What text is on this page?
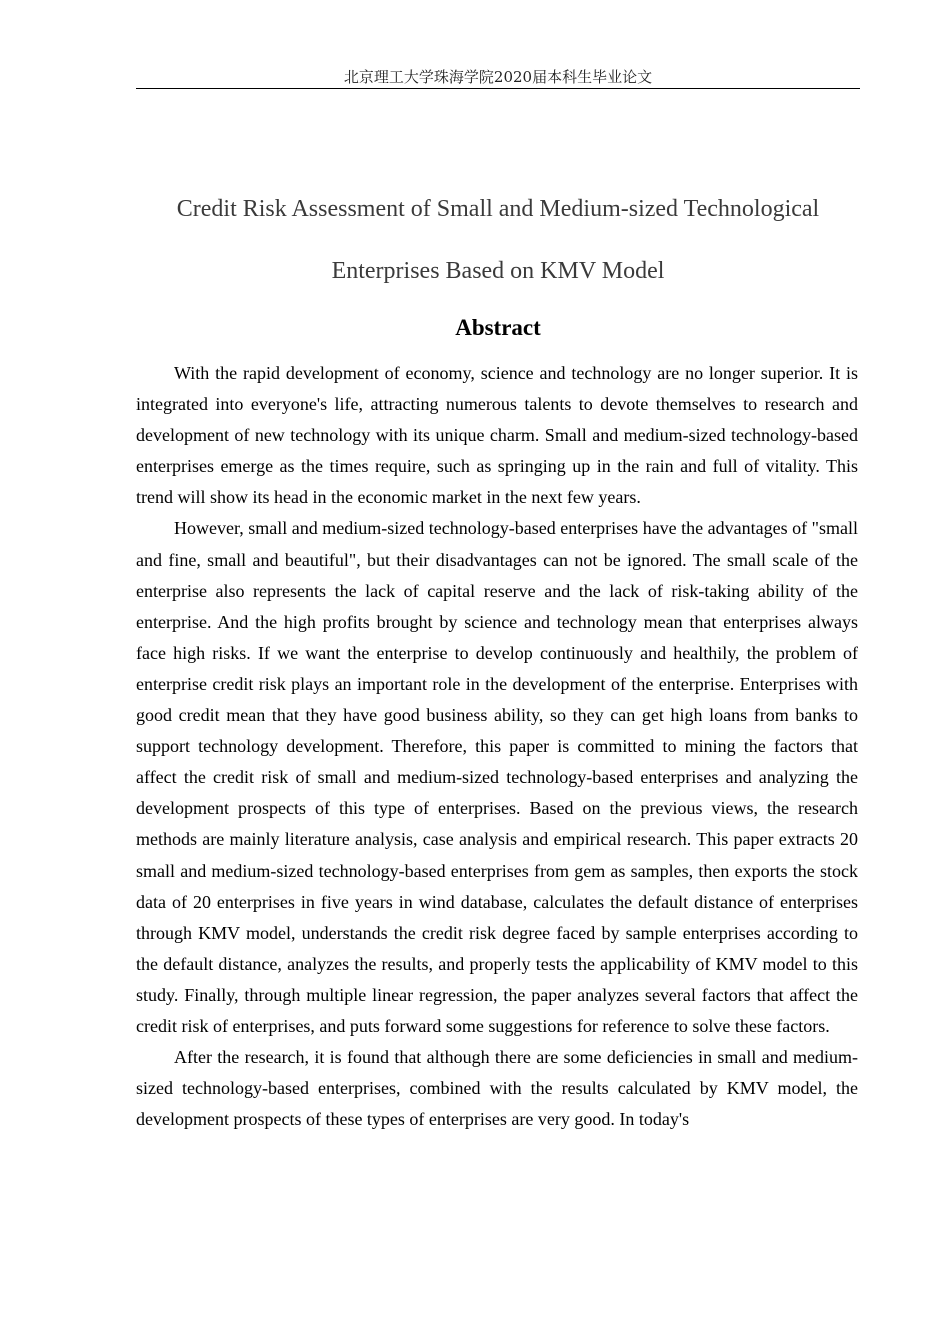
北京理工大学珠海学院2020届本科生毕业论文
Credit Risk Assessment of Small and Medium-sized Technological
Enterprises Based on KMV Model
Abstract

With the rapid development of economy, science and technology are no longer superior. It is integrated into everyone's life, attracting numerous talents to devote themselves to research and development of new technology with its unique charm. Small and medium-sized technology-based enterprises emerge as the times require, such as springing up in the rain and full of vitality. This trend will show its head in the economic market in the next few years.

However, small and medium-sized technology-based enterprises have the advantages of "small and fine, small and beautiful", but their disadvantages can not be ignored. The small scale of the enterprise also represents the lack of capital reserve and the lack of risk-taking ability of the enterprise. And the high profits brought by science and technology mean that enterprises always face high risks. If we want the enterprise to develop continuously and healthily, the problem of enterprise credit risk plays an important role in the development of the enterprise. Enterprises with good credit mean that they have good business ability, so they can get high loans from banks to support technology development. Therefore, this paper is committed to mining the factors that affect the credit risk of small and medium-sized technology-based enterprises and analyzing the development prospects of this type of enterprises. Based on the previous views, the research methods are mainly literature analysis, case analysis and empirical research. This paper extracts 20 small and medium-sized technology-based enterprises from gem as samples, then exports the stock data of 20 enterprises in five years in wind database, calculates the default distance of enterprises through KMV model, understands the credit risk degree faced by sample enterprises according to the default distance, analyzes the results, and properly tests the applicability of KMV model to this study. Finally, through multiple linear regression, the paper analyzes several factors that affect the credit risk of enterprises, and puts forward some suggestions for reference to solve these factors.

After the research, it is found that although there are some deficiencies in small and medium-sized technology-based enterprises, combined with the results calculated by KMV model, the development prospects of these types of enterprises are very good. In today's
